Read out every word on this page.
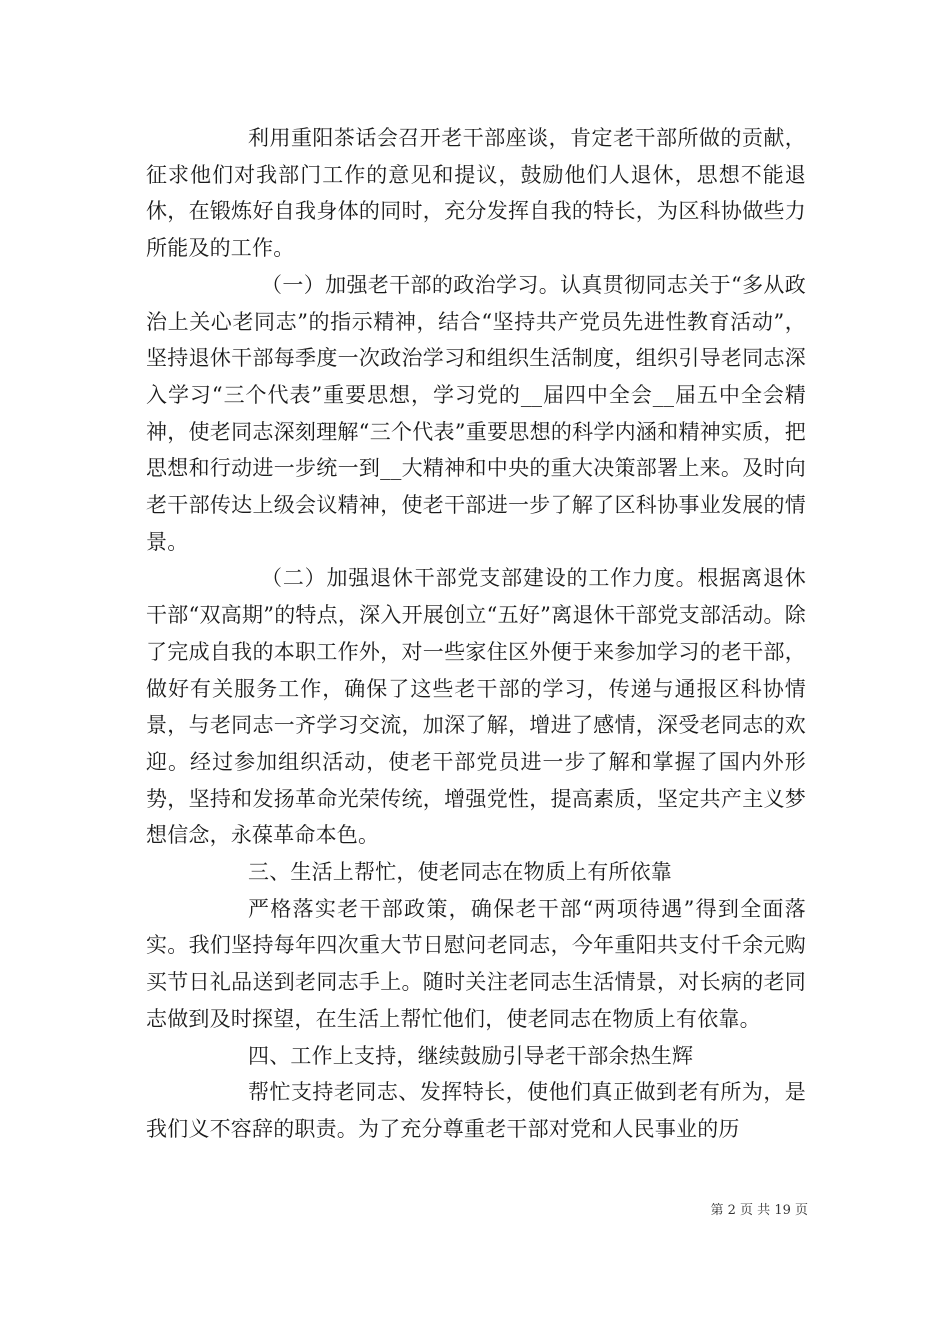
利用重阳茶话会召开老干部座谈，肯定老干部所做的贡献，征求他们对我部门工作的意见和提议，鼓励他们人退休，思想不能退休，在锻炼好自我身体的同时，充分发挥自我的特长，为区科协做些力所能及的工作。

（一）加强老干部的政治学习。认真贯彻同志关于“多从政治上关心老同志”的指示精神，结合“坚持共产党员先进性教育活动”，坚持退休干部每季度一次政治学习和组织生活制度，组织引导老同志深入学习“三个代表”重要思想，学习党的__届四中全会__届五中全会精神，使老同志深刻理解“三个代表”重要思想的科学内涵和精神实质，把思想和行动进一步统一到__大精神和中央的重大决策部署上来。及时向老干部传达上级会议精神，使老干部进一步了解了区科协事业发展的情景。

（二）加强退休干部党支部建设的工作力度。根据离退休干部“双高期”的特点，深入开展创立“五好”离退休干部党支部活动。除了完成自我的本职工作外，对一些家住区外便于来参加学习的老干部，做好有关服务工作，确保了这些老干部的学习，传递与通报区科协情景，与老同志一齐学习交流，加深了解，增进了感情，深受老同志的欢迎。经过参加组织活动，使老干部党员进一步了解和掌握了国内外形势，坚持和发扬革命光荣传统，增强党性，提高素质，坚定共产主义梦想信念，永葆革命本色。

三、生活上帮忙，使老同志在物质上有所依靠

严格落实老干部政策，确保老干部“两项待遇”得到全面落实。我们坚持每年四次重大节日慰问老同志，今年重阳共支付千余元购买节日礼品送到老同志手上。随时关注老同志生活情景，对长病的老同志做到及时探望，在生活上帮忙他们，使老同志在物质上有依靠。

四、工作上支持，继续鼓励引导老干部余热生辉

帮忙支持老同志、发挥特长，使他们真正做到老有所为，是我们义不容辞的职责。为了充分尊重老干部对党和人民事业的历

第 2 页 共 19 页
